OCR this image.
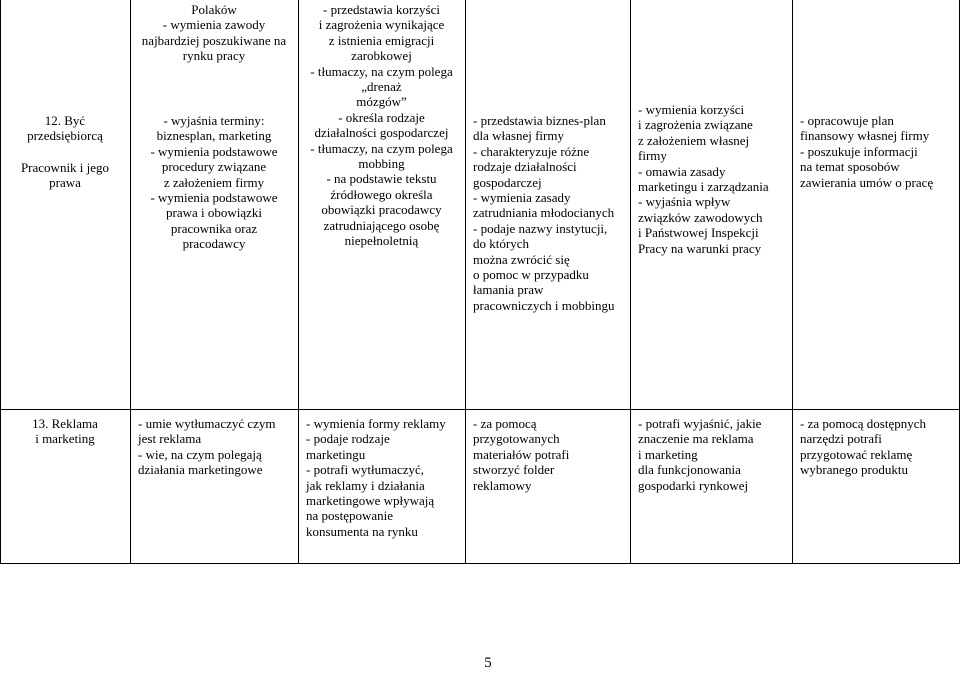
12. Być
przedsiębiorcą
Pracownik i jego
prawa
Polaków
- wymienia zawody
najbardziej poszukiwane na
rynku pracy
- wyjaśnia terminy:
biznesplan, marketing
- wymienia podstawowe
procedury związane
z założeniem firmy
- wymienia podstawowe
prawa i obowiązki
pracownika oraz
pracodawcy
- przedstawia korzyści
i zagrożenia wynikające
z istnienia emigracji
zarobkowej
- tłumaczy, na czym polega
„drenaż
mózgów”
- określa rodzaje
działalności gospodarczej
- tłumaczy, na czym polega
mobbing
- na podstawie tekstu
źródłowego określa
obowiązki pracodawcy
zatrudniającego osobę
niepełnoletnią
- przedstawia biznes-plan
dla własnej firmy
- charakteryzuje różne
rodzaje działalności
gospodarczej
- wymienia zasady
zatrudniania młodocianych
- podaje nazwy instytucji,
do których
można zwrócić się
o pomoc w przypadku
łamania praw
pracowniczych i mobbingu
- wymienia korzyści
i zagrożenia związane
z założeniem własnej
firmy
- omawia zasady
marketingu i zarządzania
- wyjaśnia wpływ
związków zawodowych
i Państwowej Inspekcji
Pracy na warunki pracy
- opracowuje plan
finansowy własnej firmy
- poszukuje informacji
na temat sposobów
zawierania umów o pracę
13. Reklama
i marketing
- umie wytłumaczyć czym
jest reklama
- wie, na czym polegają
działania marketingowe
- wymienia formy reklamy
- podaje rodzaje
marketingu
- potrafi wytłumaczyć,
jak reklamy i działania
marketingowe wpływają
na postępowanie
konsumenta na rynku
- za pomocą
przygotowanych
materiałów potrafi
stworzyć folder
reklamowy
- potrafi wyjaśnić, jakie
znaczenie ma reklama
i marketing
dla funkcjonowania
gospodarki rynkowej
- za pomocą dostępnych
narzędzi potrafi
przygotować reklamę
wybranego produktu
5
